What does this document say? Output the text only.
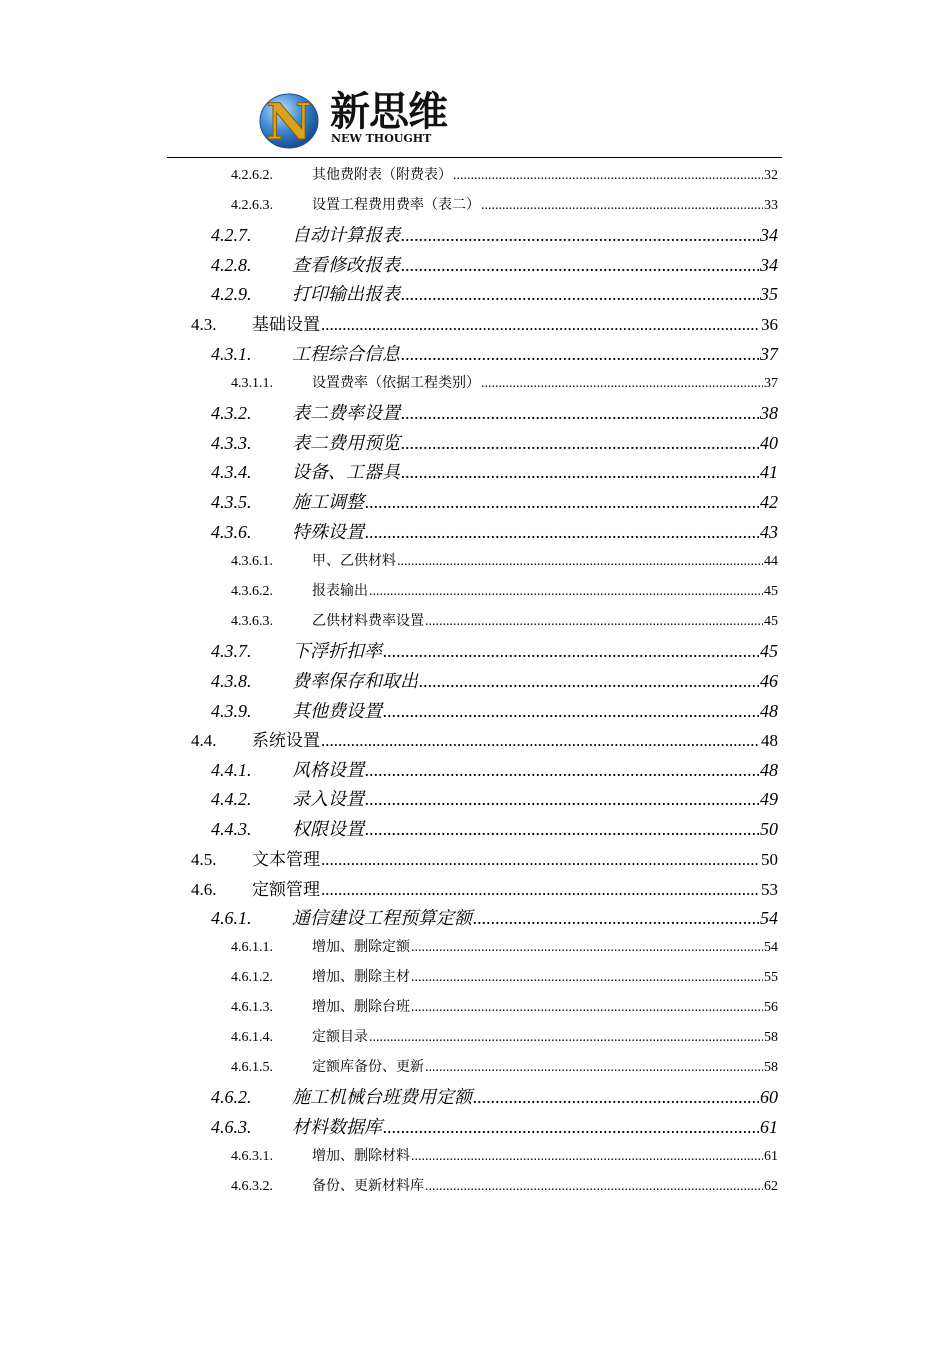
N 新思维
NEW THOUGHT
4.2.6.2.	其他费附表（附费表） .....	32
4.2.6.3.	设置工程费用费率（表二） .....	33
4.2.7.	自动计算报表 .....	34
4.2.8.	查看修改报表 .....	34
4.2.9.	打印输出报表 .....	35
4.3.	基础设置 .....	36
4.3.1.	工程综合信息 .....	37
4.3.1.1.	设置费率（依据工程类别） .....	37
4.3.2.	表二费率设置 .....	38
4.3.3.	表二费用预览 .....	40
4.3.4.	设备、工器具 .....	41
4.3.5.	施工调整 .....	42
4.3.6.	特殊设置 .....	43
4.3.6.1.	甲、乙供材料 .....	44
4.3.6.2.	报表输出 .....	45
4.3.6.3.	乙供材料费率设置 .....	45
4.3.7.	下浮折扣率 .....	45
4.3.8.	费率保存和取出 .....	46
4.3.9.	其他费设置 .....	48
4.4.	系统设置 .....	48
4.4.1.	风格设置 .....	48
4.4.2.	录入设置 .....	49
4.4.3.	权限设置 .....	50
4.5.	文本管理 .....	50
4.6.	定额管理 .....	53
4.6.1.	通信建设工程预算定额 .....	54
4.6.1.1.	增加、删除定额 .....	54
4.6.1.2.	增加、删除主材 .....	55
4.6.1.3.	增加、删除台班 .....	56
4.6.1.4.	定额目录 .....	58
4.6.1.5.	定额库备份、更新 .....	58
4.6.2.	施工机械台班费用定额 .....	60
4.6.3.	材料数据库 .....	61
4.6.3.1.	增加、删除材料 .....	61
4.6.3.2.	备份、更新材料库 .....	62
